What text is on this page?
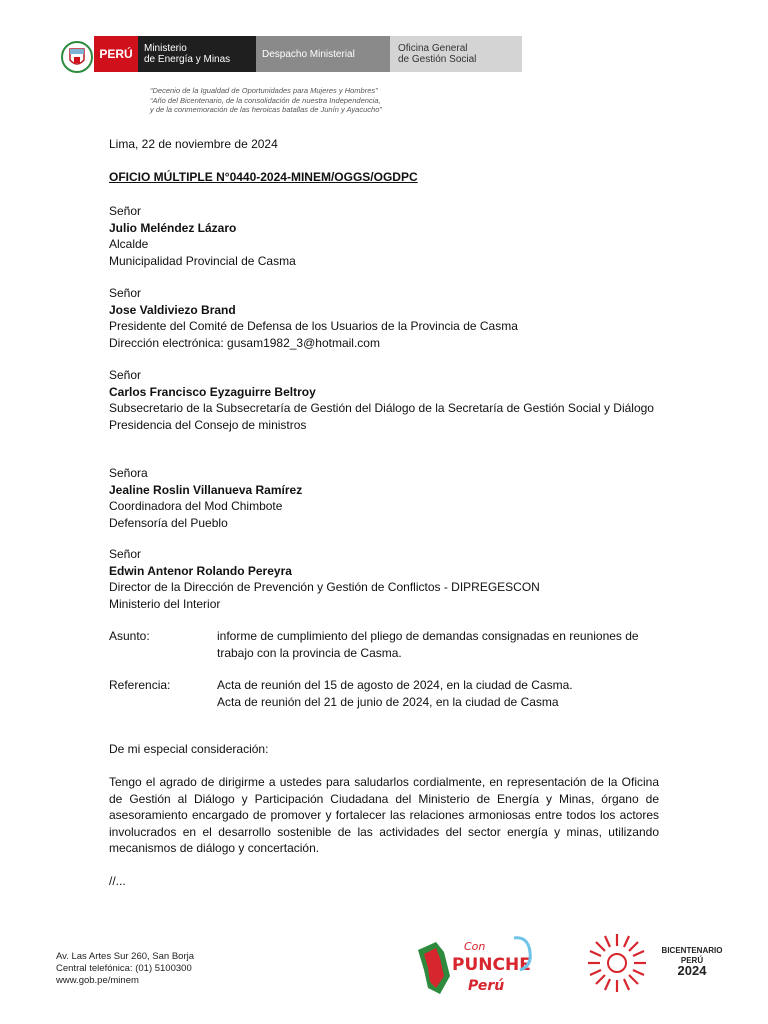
PERÚ	Ministerio
de Energía y Minas	Despacho Ministerial	Oficina General
de Gestión Social
“Decenio de la Igualdad de Oportunidades para Mujeres y Hombres”
“Año del Bicentenario, de la consolidación de nuestra Independencia,
y de la conmemoración de las heroicas batallas de Junín y Ayacucho”
Lima, 22 de noviembre de 2024
OFICIO MÚLTIPLE N°0440-2024-MINEM/OGGS/OGDPC
Señor
Julio Meléndez Lázaro
Alcalde
Municipalidad Provincial de Casma
Señor
Jose Valdiviezo Brand
Presidente del Comité de Defensa de los Usuarios de la Provincia de Casma
Dirección electrónica: gusam1982_3@hotmail.com
Señor
Carlos Francisco Eyzaguirre Beltroy
Subsecretario de la Subsecretaría de Gestión del Diálogo de la Secretaría de Gestión Social y Diálogo
Presidencia del Consejo de ministros
Señora
Jealine Roslin Villanueva Ramírez
Coordinadora del Mod Chimbote
Defensoría del Pueblo
Señor
Edwin Antenor Rolando Pereyra
Director de la Dirección de Prevención y Gestión de Conflictos - DIPREGESCON
Ministerio del Interior
Asunto:	informe de cumplimiento del pliego de demandas consignadas en reuniones de trabajo con la provincia de Casma.
Referencia:	Acta de reunión del 15 de agosto de 2024, en la ciudad de Casma.
Acta de reunión del 21 de junio de 2024, en la ciudad de Casma
De mi especial consideración:
Tengo el agrado de dirigirme a ustedes para saludarlos cordialmente, en representación de la Oficina de Gestión al Diálogo y Participación Ciudadana del Ministerio de Energía y Minas, órgano de asesoramiento encargado de promover y fortalecer las relaciones armoniosas entre todos los actores involucrados en el desarrollo sostenible de las actividades del sector energía y minas, utilizando mecanismos de diálogo y concertación.
//...
Av. Las Artes Sur 260, San Borja
Central telefónica: (01) 5100300
www.gob.pe/minem
Con
PUNCHE
Perú
BICENTENARIO
PERÚ
2024
